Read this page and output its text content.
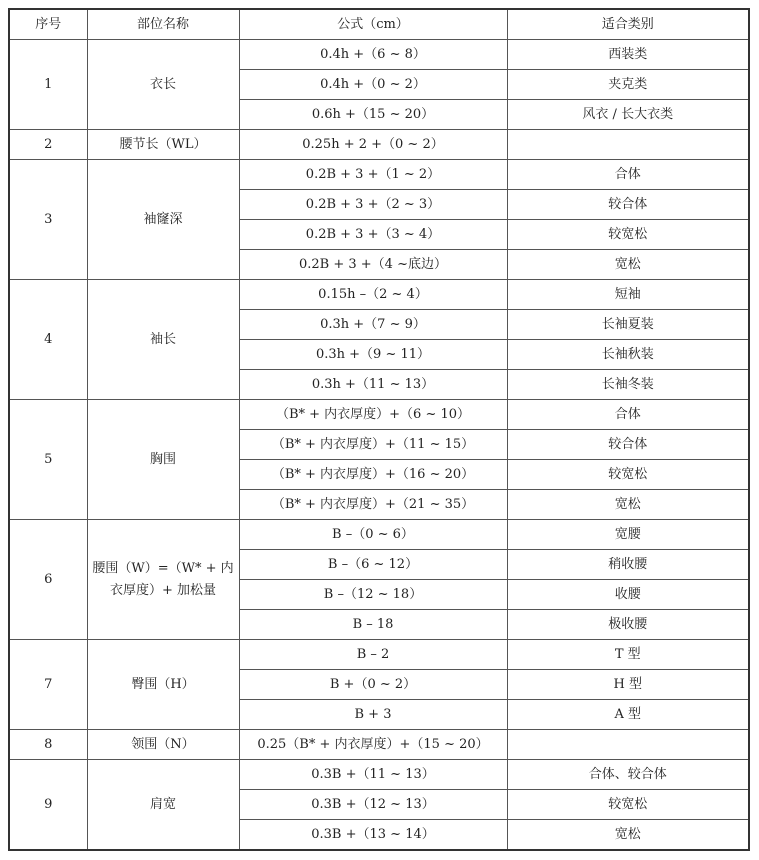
序号	部位名称	公式（cm）	适合类别
1	衣长	0.4h +（6 ~ 8）	西装类
		0.4h +（0 ~ 2）	夹克类
		0.6h +（15 ~ 20）	风衣 / 长大衣类
2	腰节长（WL）	0.25h + 2 +（0 ~ 2）	
3	袖窿深	0.2B + 3 +（1 ~ 2）	合体
		0.2B + 3 +（2 ~ 3）	较合体
		0.2B + 3 +（3 ~ 4）	较宽松
		0.2B + 3 +（4 ~底边）	宽松
4	袖长	0.15h –（2 ~ 4）	短袖
		0.3h +（7 ~ 9）	长袖夏装
		0.3h +（9 ~ 11）	长袖秋装
		0.3h +（11 ~ 13）	长袖冬装
5	胸围	（B* + 内衣厚度）+（6 ~ 10）	合体
		（B* + 内衣厚度）+（11 ~ 15）	较合体
		（B* + 内衣厚度）+（16 ~ 20）	较宽松
		（B* + 内衣厚度）+（21 ~ 35）	宽松
6	腰围（W）=（W* + 内衣厚度）+ 加松量	B –（0 ~ 6）	宽腰
		B –（6 ~ 12）	稍收腰
		B –（12 ~ 18）	收腰
		B – 18	极收腰
7	臀围（H）	B – 2	T 型
		B +（0 ~ 2）	H 型
		B + 3	A 型
8	领围（N）	0.25（B* + 内衣厚度）+（15 ~ 20）	
9	肩宽	0.3B +（11 ~ 13）	合体、较合体
		0.3B +（12 ~ 13）	较宽松
		0.3B +（13 ~ 14）	宽松
